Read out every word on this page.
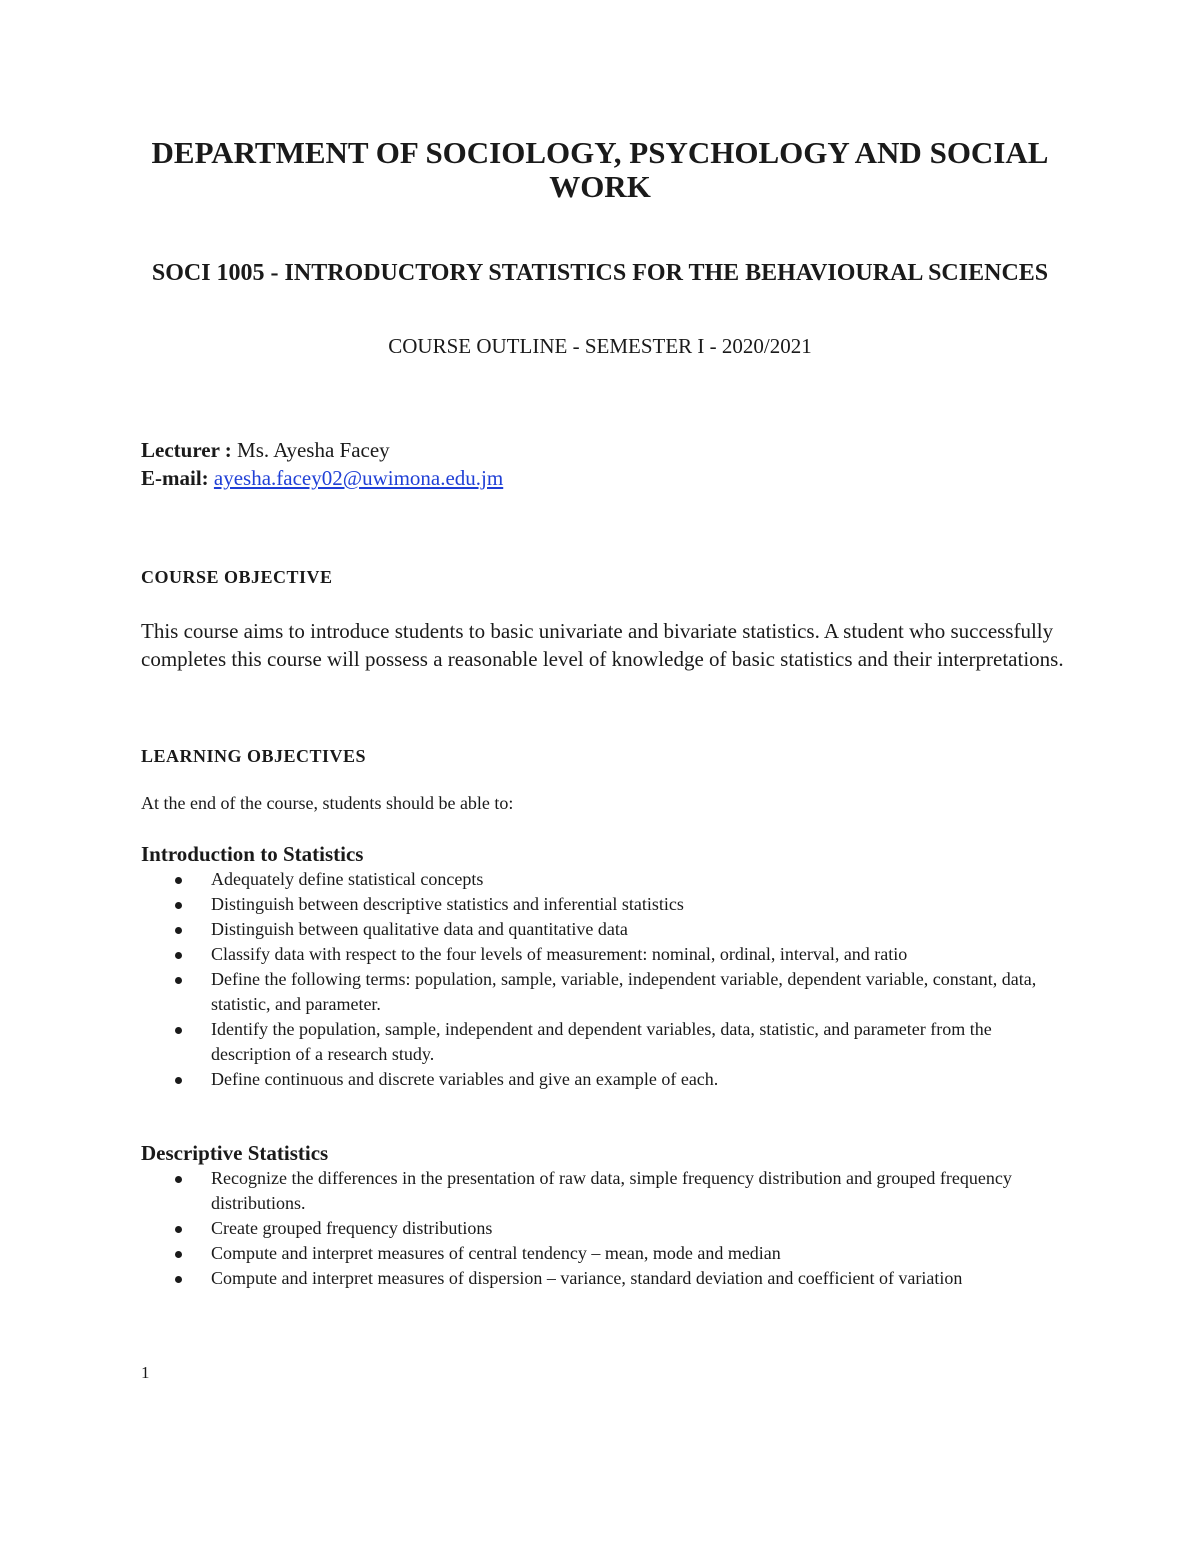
DEPARTMENT OF SOCIOLOGY, PSYCHOLOGY AND SOCIAL WORK
SOCI 1005 - INTRODUCTORY STATISTICS FOR THE BEHAVIOURAL SCIENCES

COURSE OUTLINE - SEMESTER I - 2020/2021

Lecturer : Ms. Ayesha Facey
E-mail: ayesha.facey02@uwimona.edu.jm
COURSE OBJECTIVE

This course aims to introduce students to basic univariate and bivariate statistics. A student who successfully completes this course will possess a reasonable level of knowledge of basic statistics and their interpretations.

LEARNING OBJECTIVES

At the end of the course, students should be able to:

Introduction to Statistics
Adequately define statistical concepts
Distinguish between descriptive statistics and inferential statistics
Distinguish between qualitative data and quantitative data
Classify data with respect to the four levels of measurement: nominal, ordinal, interval, and ratio
Define the following terms: population, sample, variable, independent variable, dependent variable, constant, data, statistic, and parameter.
Identify the population, sample, independent and dependent variables, data, statistic, and parameter from the description of a research study.
Define continuous and discrete variables and give an example of each.
Descriptive Statistics
Recognize the differences in the presentation of raw data, simple frequency distribution and grouped frequency distributions.
Create grouped frequency distributions
Compute and interpret measures of central tendency – mean, mode and median
Compute and interpret measures of dispersion – variance, standard deviation and coefficient of variation
1
